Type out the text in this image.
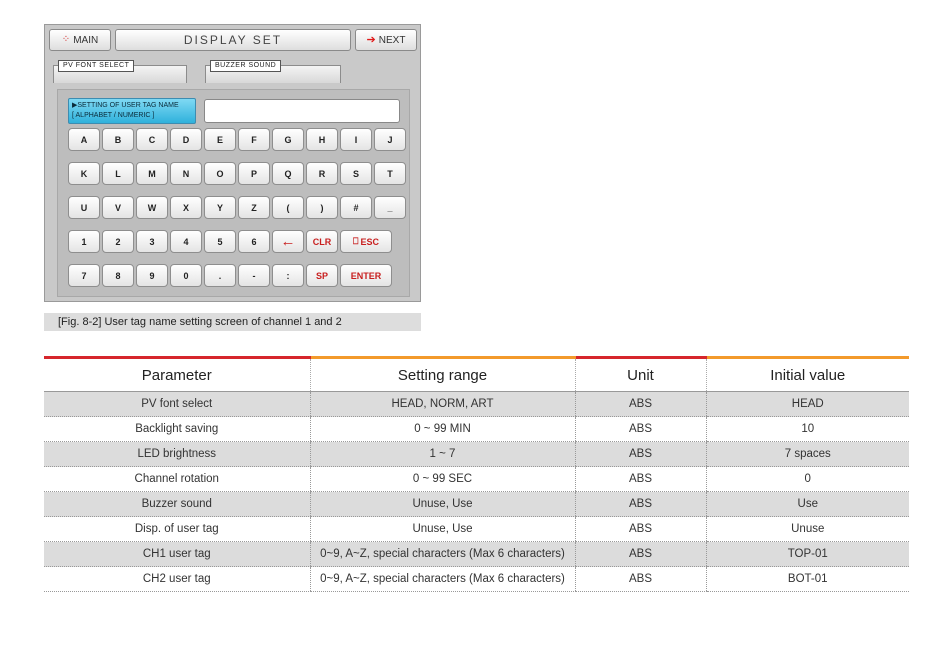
⁘ MAIN	DISPLAY SET	➔ NEXT
PV FONT SELECT	BUZZER SOUND
▶SETTING OF USER TAG NAME
[ ALPHABET / NUMERIC ]
A	B	C	D	E	F	G	H	I	J
K	L	M	N	O	P	Q	R	S	T
U	V	W	X	Y	Z	(	)	#	_
1	2	3	4	5	6 ← CLR ⎕ ESC
7	8	9	0	.	-	:	SP	ENTER
[Fig. 8-2] User tag name setting screen of channel 1 and 2
Parameter	Setting range	Unit	Initial value
PV font select	HEAD, NORM, ART	ABS	HEAD
Backlight saving	0 ~ 99 MIN	ABS	10
LED brightness	1 ~ 7	ABS	7 spaces
Channel rotation	0 ~ 99 SEC	ABS	0
Buzzer sound	Unuse, Use	ABS	Use
Disp. of user tag	Unuse, Use	ABS	Unuse
CH1 user tag	0~9, A~Z, special characters (Max 6 characters)	ABS	TOP-01
CH2 user tag	0~9, A~Z, special characters (Max 6 characters)	ABS	BOT-01
